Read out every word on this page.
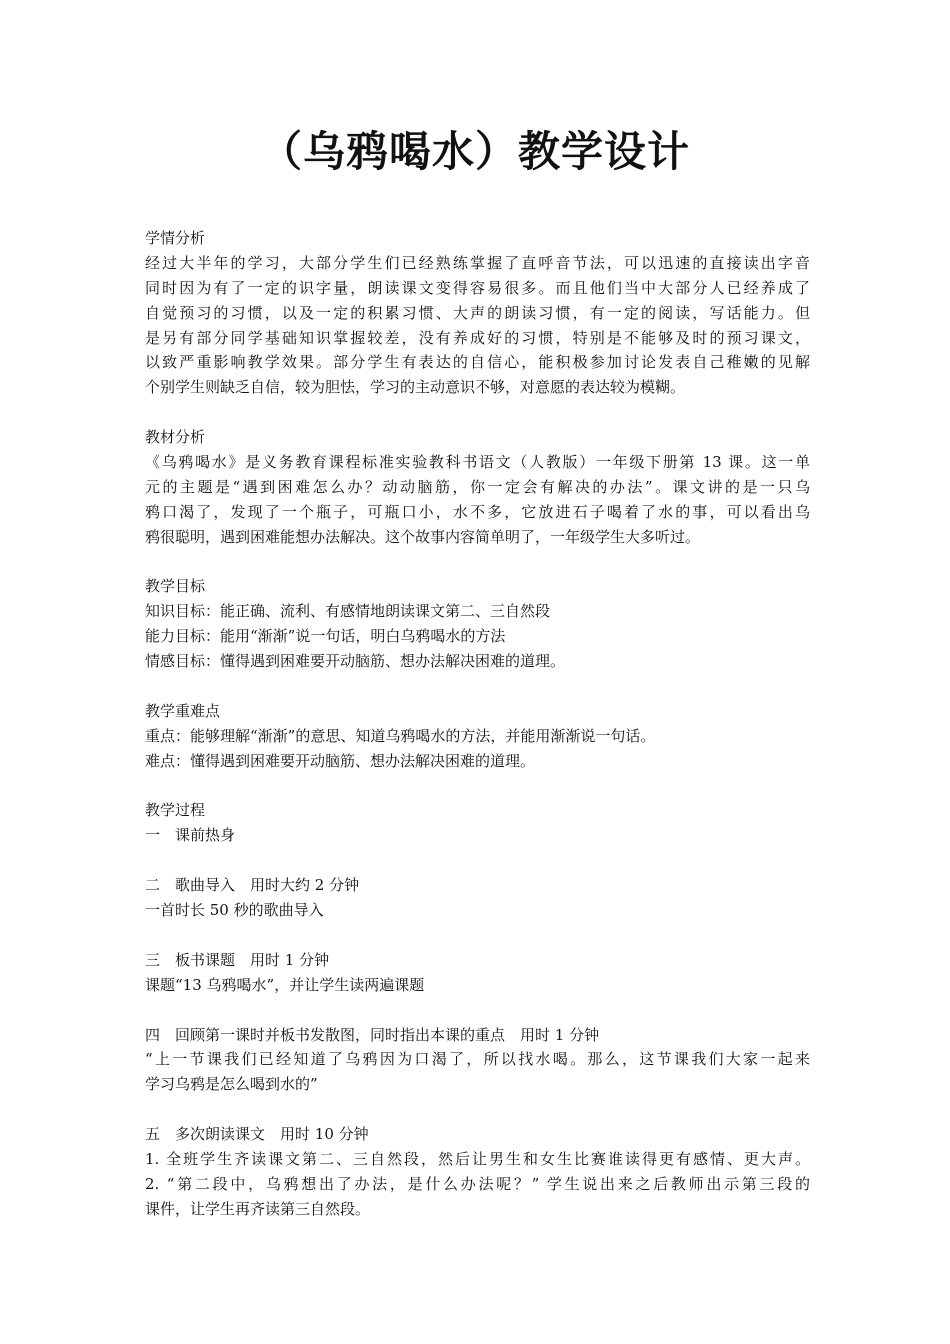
（乌鸦喝水）教学设计
学情分析
经过大半年的学习，大部分学生们已经熟练掌握了直呼音节法，可以迅速的直接读出字音
同时因为有了一定的识字量，朗读课文变得容易很多。而且他们当中大部分人已经养成了
自觉预习的习惯，以及一定的积累习惯、大声的朗读习惯，有一定的阅读，写话能力。但
是另有部分同学基础知识掌握较差，没有养成好的习惯，特别是不能够及时的预习课文，
以致严重影响教学效果。部分学生有表达的自信心，能积极参加讨论发表自己稚嫩的见解
个别学生则缺乏自信，较为胆怯，学习的主动意识不够，对意愿的表达较为模糊。
教材分析
《乌鸦喝水》是义务教育课程标准实验教科书语文（人教版）一年级下册第 13 课。这一单
元的主题是“遇到困难怎么办？动动脑筋，你一定会有解决的办法”。课文讲的是一只乌
鸦口渴了，发现了一个瓶子，可瓶口小，水不多，它放进石子喝着了水的事，可以看出乌
鸦很聪明，遇到困难能想办法解决。这个故事内容简单明了，一年级学生大多听过。
教学目标
知识目标：能正确、流利、有感情地朗读课文第二、三自然段
能力目标：能用“渐渐”说一句话，明白乌鸦喝水的方法
情感目标：懂得遇到困难要开动脑筋、想办法解决困难的道理。
教学重难点
重点：能够理解“渐渐”的意思、知道乌鸦喝水的方法，并能用渐渐说一句话。
难点：懂得遇到困难要开动脑筋、想办法解决困难的道理。
教学过程
一　课前热身
二　歌曲导入　用时大约 2 分钟
一首时长 50 秒的歌曲导入
三　板书课题　用时 1 分钟
课题“13 乌鸦喝水”，并让学生读两遍课题
四　回顾第一课时并板书发散图，同时指出本课的重点　用时 1 分钟
“上一节课我们已经知道了乌鸦因为口渴了，所以找水喝。那么，这节课我们大家一起来
学习乌鸦是怎么喝到水的”
五　多次朗读课文　用时 10 分钟
1. 全班学生齐读课文第二、三自然段，然后让男生和女生比赛谁读得更有感情、更大声。
2. “第二段中，乌鸦想出了办法，是什么办法呢？” 学生说出来之后教师出示第三段的
课件，让学生再齐读第三自然段。
